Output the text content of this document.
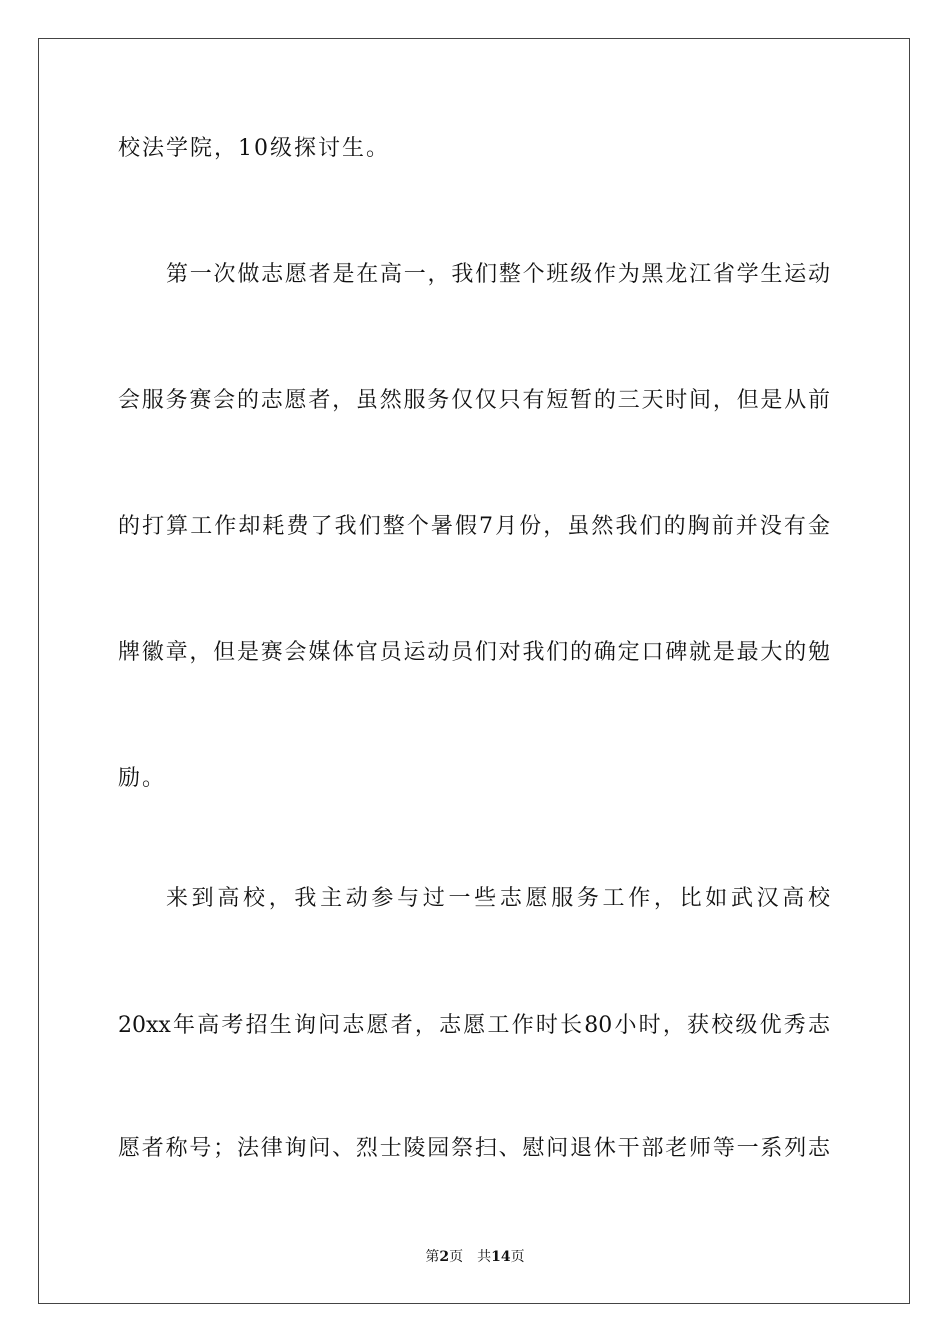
校法学院，10级探讨生。
第一次做志愿者是在高一，我们整个班级作为黑龙江省学生运动
会服务赛会的志愿者，虽然服务仅仅只有短暂的三天时间，但是从前
的打算工作却耗费了我们整个暑假7月份，虽然我们的胸前并没有金
牌徽章，但是赛会媒体官员运动员们对我们的确定口碑就是最大的勉
励。
来到高校，我主动参与过一些志愿服务工作，比如武汉高校
20xx年高考招生询问志愿者，志愿工作时长80小时，获校级优秀志
愿者称号；法律询问、烈士陵园祭扫、慰问退休干部老师等一系列志
第2页 共14页
